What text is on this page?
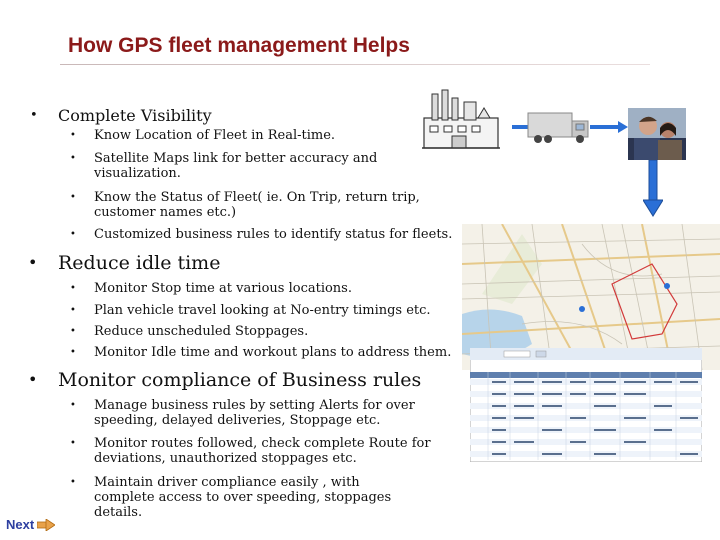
How GPS fleet management Helps
• Complete Visibility
• Know Location of Fleet in Real-time.
• Satellite Maps link for better accuracy and visualization.
• Know the Status of Fleet( ie. On Trip, return trip, customer names etc.)
• Customized business rules to identify status for fleets.
• Reduce idle time
• Monitor Stop time at various locations.
• Plan vehicle travel looking at No-entry timings etc.
• Reduce unscheduled Stoppages.
• Monitor Idle time and workout plans to address them.
• Monitor compliance of Business rules
• Manage business rules by setting Alerts for over speeding, delayed deliveries, Stoppage etc.
• Monitor routes followed, check complete Route for deviations, unauthorized stoppages etc.
• Maintain driver compliance easily , with complete access to over speeding, stoppages details.
Next
